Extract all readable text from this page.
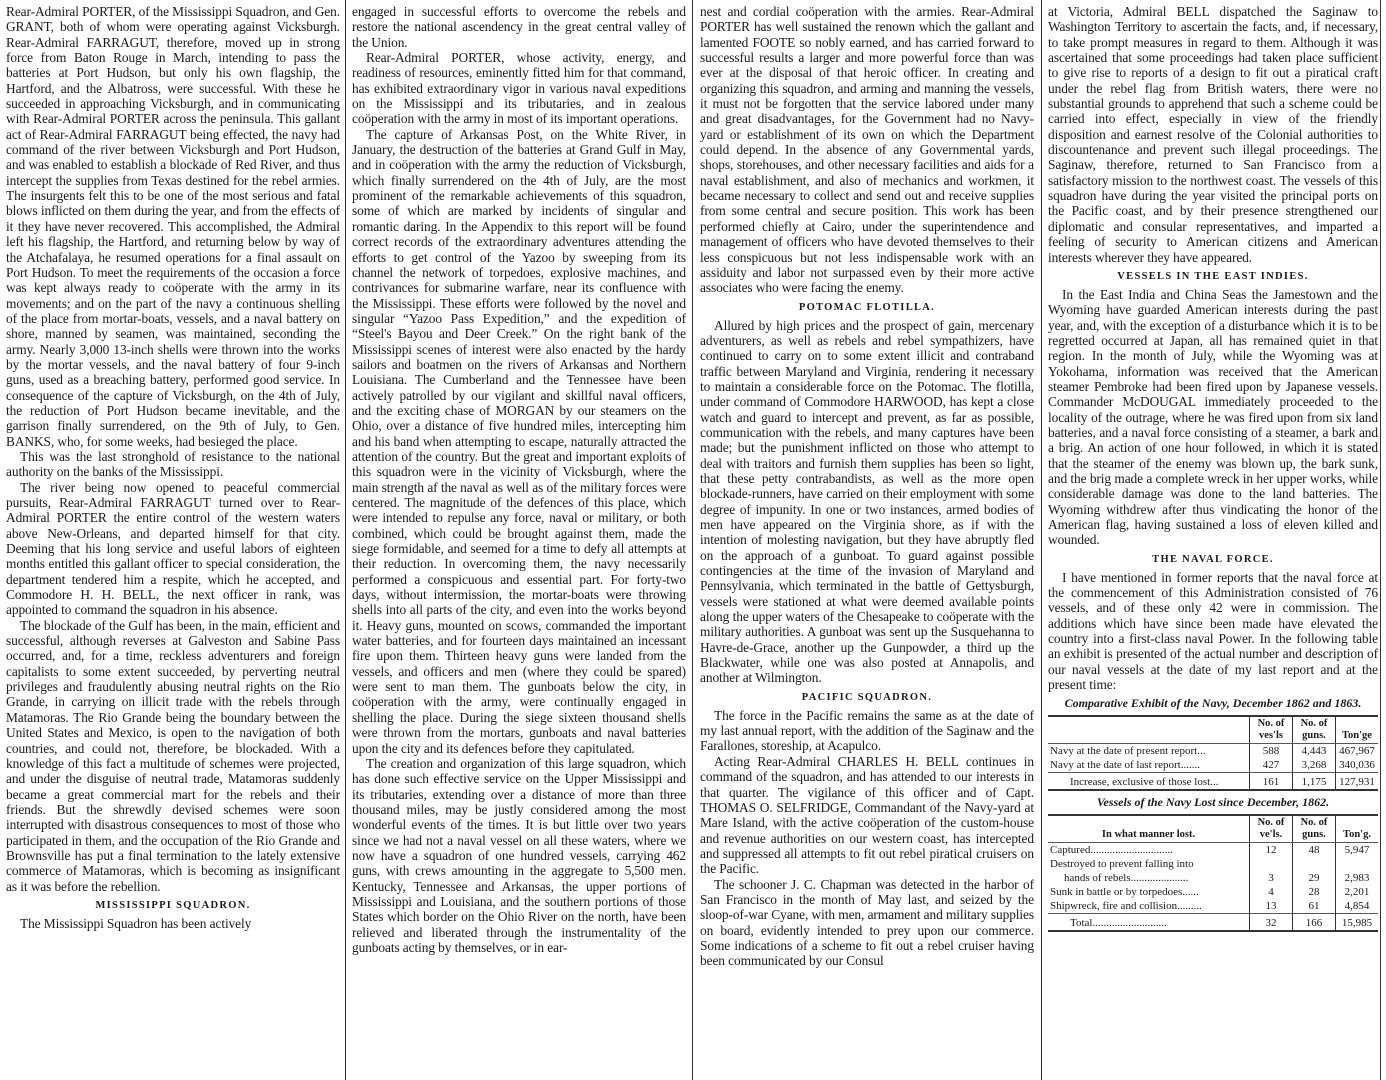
Rear-Admiral PORTER, of the Mississippi Squadron, and Gen. GRANT, both of whom were operating against Vicksburgh. Rear-Admiral FARRAGUT, therefore, moved up in strong force from Baton Rouge in March, intending to pass the batteries at Port Hudson, but only his own flagship, the Hartford, and the Albatross, were successful. With these he succeeded in approaching Vicksburgh, and in communicating with Rear-Admiral PORTER across the peninsula. This gallant act of Rear-Admiral FARRAGUT being effected, the navy had command of the river between Vicksburgh and Port Hudson, and was enabled to establish a blockade of Red River, and thus intercept the supplies from Texas destined for the rebel armies. The insurgents felt this to be one of the most serious and fatal blows inflicted on them during the year, and from the effects of it they have never recovered. This accomplished, the Admiral left his flagship, the Hartford, and returning below by way of the Atchafalaya, he resumed operations for a final assault on Port Hudson. To meet the requirements of the occasion a force was kept always ready to coöperate with the army in its movements; and on the part of the navy a continuous shelling of the place from mortar-boats, vessels, and a naval battery on shore, manned by seamen, was maintained, seconding the army. Nearly 3,000 13-inch shells were thrown into the works by the mortar vessels, and the naval battery of four 9-inch guns, used as a breaching battery, performed good service. In consequence of the capture of Vicksburgh, on the 4th of July, the reduction of Port Hudson became inevitable, and the garrison finally surrendered, on the 9th of July, to Gen. BANKS, who, for some weeks, had besieged the place.

This was the last stronghold of resistance to the national authority on the banks of the Mississippi.

The river being now opened to peaceful commercial pursuits, Rear-Admiral FARRAGUT turned over to Rear-Admiral PORTER the entire control of the western waters above New-Orleans, and departed himself for that city. Deeming that his long service and useful labors of eighteen months entitled this gallant officer to special consideration, the department tendered him a respite, which he accepted, and Commodore H. H. BELL, the next officer in rank, was appointed to command the squadron in his absence.

The blockade of the Gulf has been, in the main, efficient and successful, although reverses at Galveston and Sabine Pass occurred, and, for a time, reckless adventurers and foreign capitalists to some extent succeeded, by perverting neutral privileges and fraudulently abusing neutral rights on the Rio Grande, in carrying on illicit trade with the rebels through Matamoras. The Rio Grande being the boundary between the United States and Mexico, is open to the navigation of both countries, and could not, therefore, be blockaded. With a knowledge of this fact a multitude of schemes were projected, and under the disguise of neutral trade, Matamoras suddenly became a great commercial mart for the rebels and their friends. But the shrewdly devised schemes were soon interrupted with disastrous consequences to most of those who participated in them, and the occupation of the Rio Grande and Brownsville has put a final termination to the lately extensive commerce of Matamoras, which is becoming as insignificant as it was before the rebellion.

MISSISSIPPI SQUADRON.

The Mississippi Squadron has been actively

engaged in successful efforts to overcome the rebels and restore the national ascendency in the great central valley of the Union.

Rear-Admiral PORTER, whose activity, energy, and readiness of resources, eminently fitted him for that command, has exhibited extraordinary vigor in various naval expeditions on the Mississippi and its tributaries, and in zealous coöperation with the army in most of its important operations.

The capture of Arkansas Post, on the White River, in January, the destruction of the batteries at Grand Gulf in May, and in coöperation with the army the reduction of Vicksburgh, which finally surrendered on the 4th of July, are the most prominent of the remarkable achievements of this squadron, some of which are marked by incidents of singular and romantic daring. In the Appendix to this report will be found correct records of the extraordinary adventures attending the efforts to get control of the Yazoo by sweeping from its channel the network of torpedoes, explosive machines, and contrivances for submarine warfare, near its confluence with the Mississippi. These efforts were followed by the novel and singular “Yazoo Pass Expedition,” and the expedition of “Steel's Bayou and Deer Creek.” On the right bank of the Mississippi scenes of interest were also enacted by the hardy sailors and boatmen on the rivers of Arkansas and Northern Louisiana. The Cumberland and the Tennessee have been actively patrolled by our vigilant and skillful naval officers, and the exciting chase of MORGAN by our steamers on the Ohio, over a distance of five hundred miles, intercepting him and his band when attempting to escape, naturally attracted the attention of the country. But the great and important exploits of this squadron were in the vicinity of Vicksburgh, where the main strength af the naval as well as of the military forces were centered. The magnitude of the defences of this place, which were intended to repulse any force, naval or military, or both combined, which could be brought against them, made the siege formidable, and seemed for a time to defy all attempts at their reduction. In overcoming them, the navy necessarily performed a conspicuous and essential part. For forty-two days, without intermission, the mortar-boats were throwing shells into all parts of the city, and even into the works beyond it. Heavy guns, mounted on scows, commanded the important water batteries, and for fourteen days maintained an incessant fire upon them. Thirteen heavy guns were landed from the vessels, and officers and men (where they could be spared) were sent to man them. The gunboats below the city, in coöperation with the army, were continually engaged in shelling the place. During the siege sixteen thousand shells were thrown from the mortars, gunboats and naval batteries upon the city and its defences before they capitulated.

The creation and organization of this large squadron, which has done such effective service on the Upper Mississippi and its tributaries, extending over a distance of more than three thousand miles, may be justly considered among the most wonderful events of the times. It is but little over two years since we had not a naval vessel on all these waters, where we now have a squadron of one hundred vessels, carrying 462 guns, with crews amounting in the aggregate to 5,500 men. Kentucky, Tennessee and Arkansas, the upper portions of Mississippi and Louisiana, and the southern portions of those States which border on the Ohio River on the north, have been relieved and liberated through the instrumentality of the gunboats acting by themselves, or in ear-

nest and cordial coöperation with the armies. Rear-Admiral PORTER has well sustained the renown which the gallant and lamented FOOTE so nobly earned, and has carried forward to successful results a larger and more powerful force than was ever at the disposal of that heroic officer. In creating and organizing this squadron, and arming and manning the vessels, it must not be forgotten that the service labored under many and great disadvantages, for the Government had no Navy-yard or establishment of its own on which the Department could depend. In the absence of any Governmental yards, shops, storehouses, and other necessary facilities and aids for a naval establishment, and also of mechanics and workmen, it became necessary to collect and send out and receive supplies from some central and secure position. This work has been performed chiefly at Cairo, under the superintendence and management of officers who have devoted themselves to their less conspicuous but not less indispensable work with an assiduity and labor not surpassed even by their more active associates who were facing the enemy.

POTOMAC FLOTILLA.

Allured by high prices and the prospect of gain, mercenary adventurers, as well as rebels and rebel sympathizers, have continued to carry on to some extent illicit and contraband traffic between Maryland and Virginia, rendering it necessary to maintain a considerable force on the Potomac. The flotilla, under command of Commodore HARWOOD, has kept a close watch and guard to intercept and prevent, as far as possible, communication with the rebels, and many captures have been made; but the punishment inflicted on those who attempt to deal with traitors and furnish them supplies has been so light, that these petty contrabandists, as well as the more open blockade-runners, have carried on their employment with some degree of impunity. In one or two instances, armed bodies of men have appeared on the Virginia shore, as if with the intention of molesting navigation, but they have abruptly fled on the approach of a gunboat. To guard against possible contingencies at the time of the invasion of Maryland and Pennsylvania, which terminated in the battle of Gettysburgh, vessels were stationed at what were deemed available points along the upper waters of the Chesapeake to coöperate with the military authorities. A gunboat was sent up the Susquehanna to Havre-de-Grace, another up the Gunpowder, a third up the Blackwater, while one was also posted at Annapolis, and another at Wilmington.

PACIFIC SQUADRON.

The force in the Pacific remains the same as at the date of my last annual report, with the addition of the Saginaw and the Farallones, storeship, at Acapulco.

Acting Rear-Admiral CHARLES H. BELL continues in command of the squadron, and has attended to our interests in that quarter. The vigilance of this officer and of Capt. THOMAS O. SELFRIDGE, Commandant of the Navy-yard at Mare Island, with the active coöperation of the custom-house and revenue authorities on our western coast, has intercepted and suppressed all attempts to fit out rebel piratical cruisers on the Pacific.

The schooner J. C. Chapman was detected in the harbor of San Francisco in the month of May last, and seized by the sloop-of-war Cyane, with men, armament and military supplies on board, evidently intended to prey upon our commerce. Some indications of a scheme to fit out a rebel cruiser having been communicated by our Consul

at Victoria, Admiral BELL dispatched the Saginaw to Washington Territory to ascertain the facts, and, if necessary, to take prompt measures in regard to them. Although it was ascertained that some proceedings had taken place sufficient to give rise to reports of a design to fit out a piratical craft under the rebel flag from British waters, there were no substantial grounds to apprehend that such a scheme could be carried into effect, especially in view of the friendly disposition and earnest resolve of the Colonial authorities to discountenance and prevent such illegal proceedings. The Saginaw, therefore, returned to San Francisco from a satisfactory mission to the northwest coast. The vessels of this squadron have during the year visited the principal ports on the Pacific coast, and by their presence strengthened our diplomatic and consular representatives, and imparted a feeling of security to American citizens and American interests wherever they have appeared.

VESSELS IN THE EAST INDIES.

In the East India and China Seas the Jamestown and the Wyoming have guarded American interests during the past year, and, with the exception of a disturbance which it is to be regretted occurred at Japan, all has remained quiet in that region. In the month of July, while the Wyoming was at Yokohama, information was received that the American steamer Pembroke had been fired upon by Japanese vessels. Commander McDOUGAL immediately proceeded to the locality of the outrage, where he was fired upon from six land batteries, and a naval force consisting of a steamer, a bark and a brig. An action of one hour followed, in which it is stated that the steamer of the enemy was blown up, the bark sunk, and the brig made a complete wreck in her upper works, while considerable damage was done to the land batteries. The Wyoming withdrew after thus vindicating the honor of the American flag, having sustained a loss of eleven killed and wounded.

THE NAVAL FORCE.

I have mentioned in former reports that the naval force at the commencement of this Administration consisted of 76 vessels, and of these only 42 were in commission. The additions which have since been made have elevated the country into a first-class naval Power. In the following table an exhibit is presented of the actual number and description of our naval vessels at the date of my last report and at the present time:

Comparative Exhibit of the Navy, December 1862 and 1863.
	No. of ves'ls	No. of guns.	Ton'ge
Navy at the date of present report...	588	4,443	467,967
Navy at the date of last report.......	427	3,268	340,036
Increase, exclusive of those lost...	161	1,175	127,931
Vessels of the Navy Lost since December, 1862.
In what manner lost.	No. of ve'ls.	No. of guns.	Ton'g.
Captured..............................	12	48	5,947
Destroyed to prevent falling into			
hands of rebels.....................	3	29	2,983
Sunk in battle or by torpedoes......	4	28	2,201
Shipwreck, fire and collision.........	13	61	4,854
Total...........................	32	166	15,985
